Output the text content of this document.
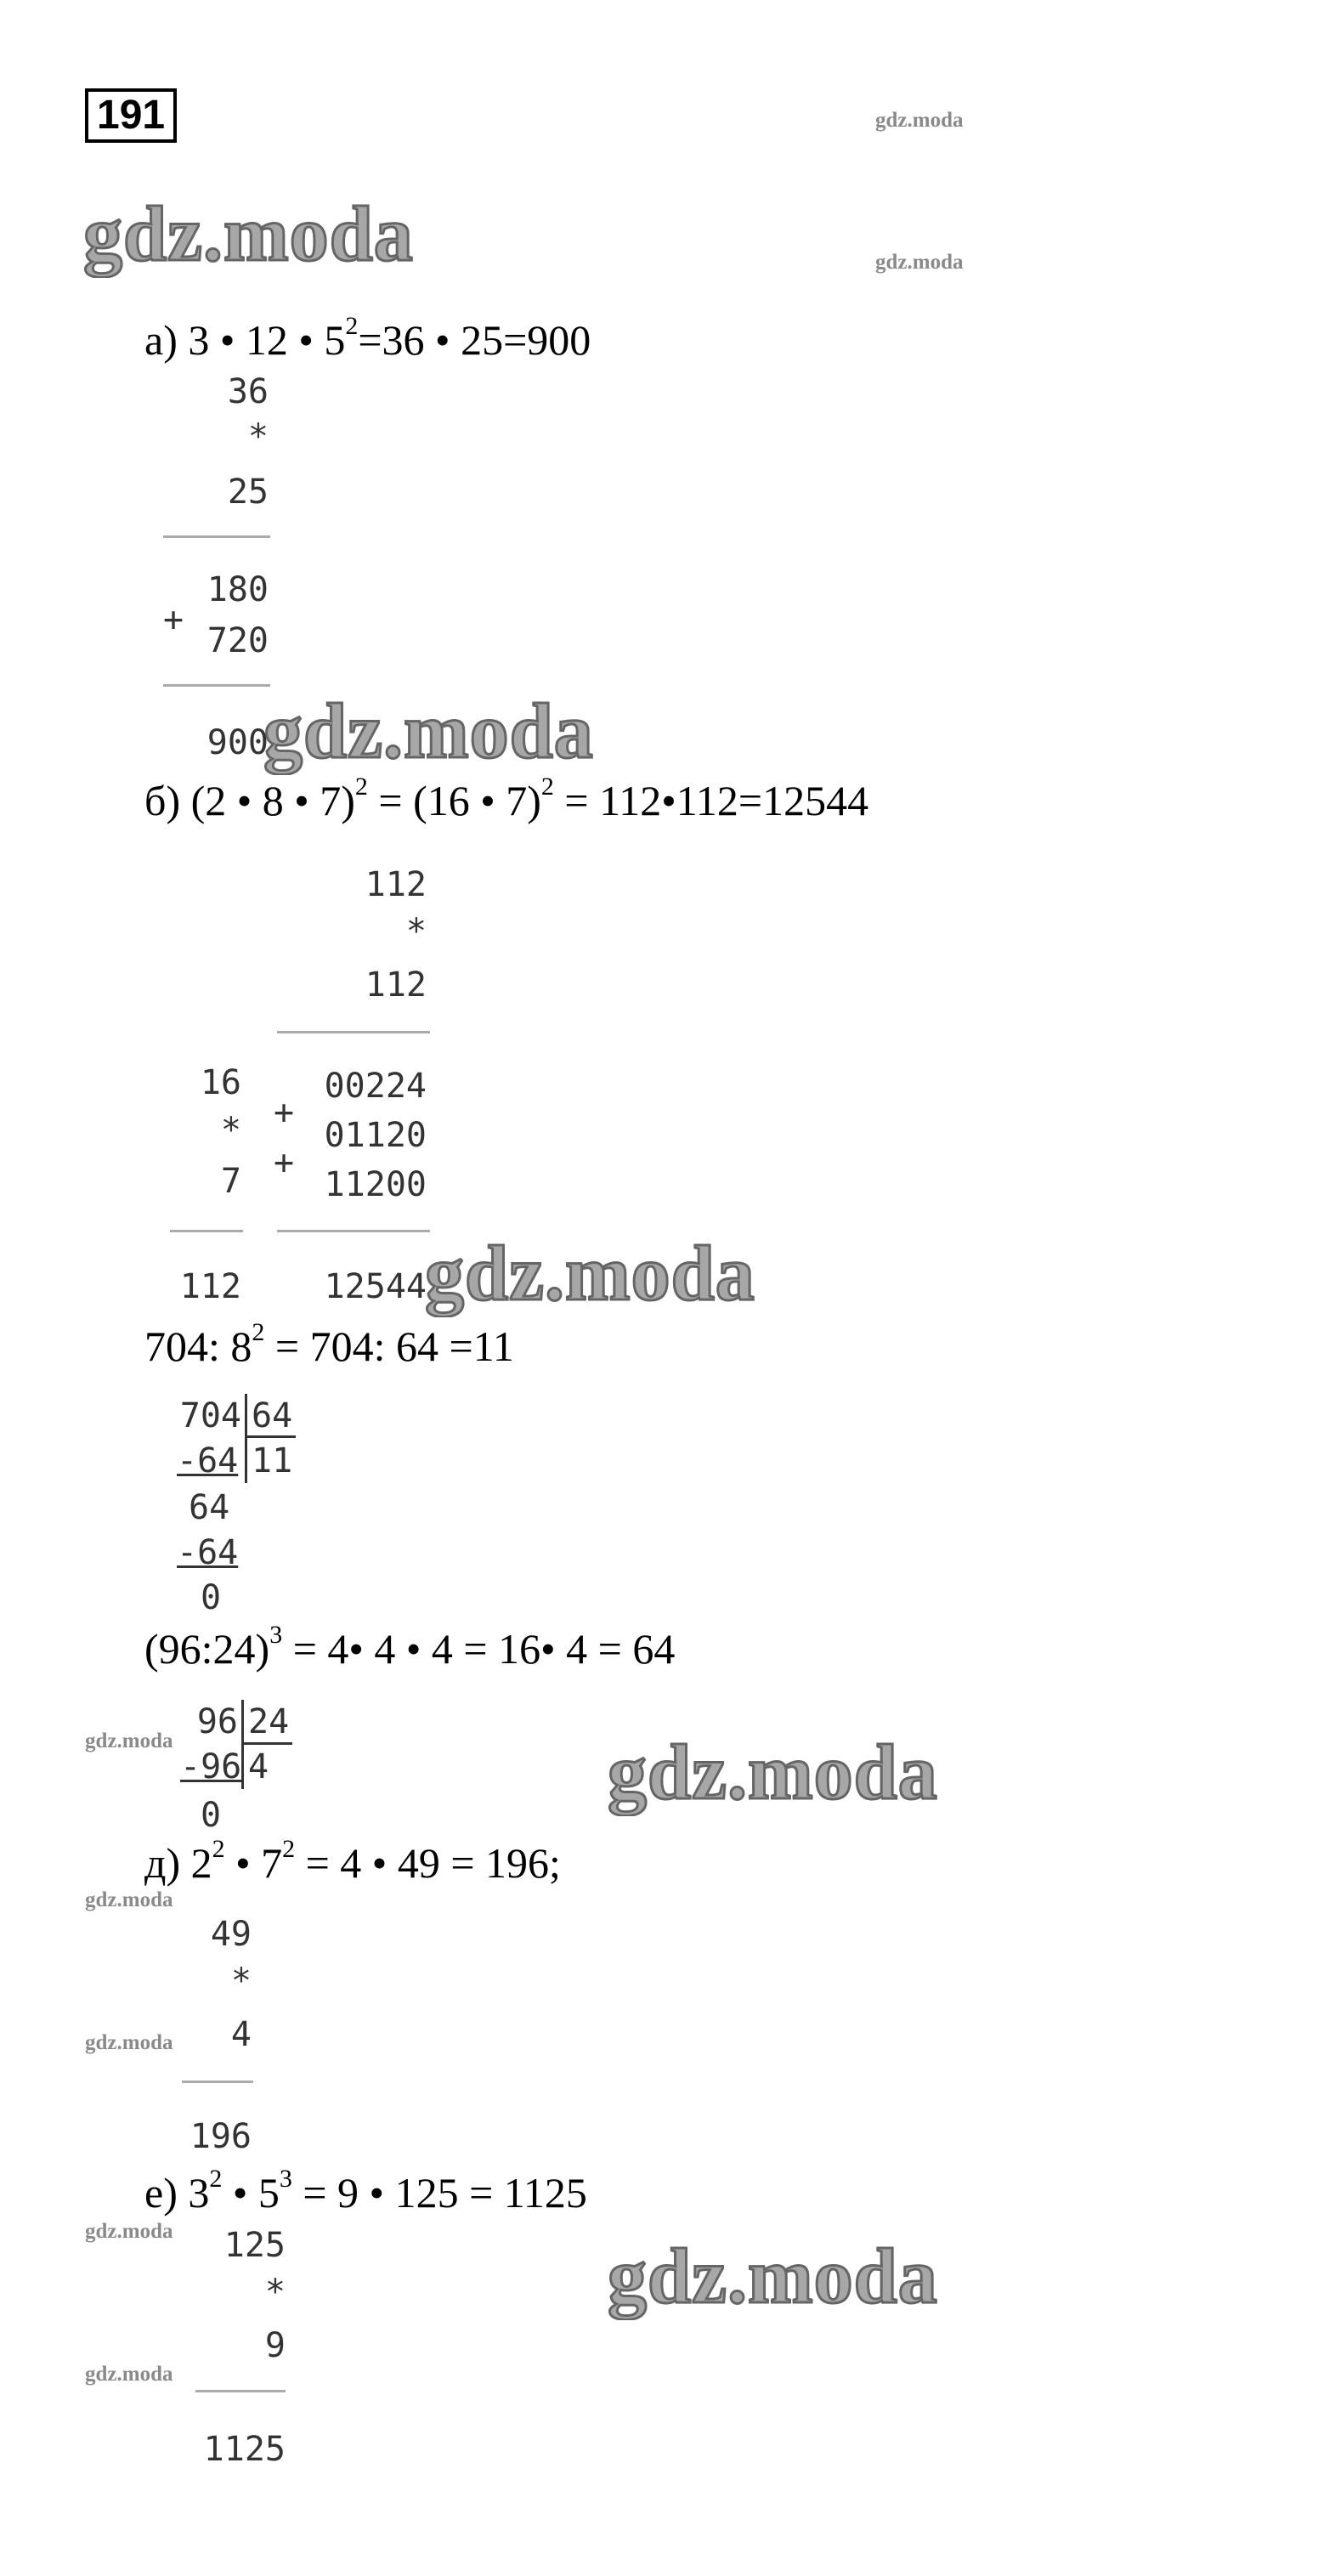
191	gdz.moda
gdz.moda	gdz.moda
а) 3 • 12 • $5^2=36$ • 25=900
36
*
25
+
180
720
900
gdz.moda
б) (2 • 8 • 7)$^2$ = (16 • 7)$^2$ = 112•112=12544
112
*
112
+
+
00224
01120
11200
12544
16
*
7
112 gdz.moda
704: $8^2 = 704$: 64 =11
704 64
11
-64
64
-64
0
(96:24)$^3$ = 4• 4 • 4 = 16• 4 = 64
96 24
4
-96
0
gdz.moda	gdz.moda
д) $2^2$ • $7^2 = 4$ • 49 = 196;
gdz.moda
49
*
4
196
gdz.moda
е) $3^2$ • $5^3 = 9$ • 125 = 1125
gdz.moda	125
*
9
1125
gdz.moda
gdz.moda
